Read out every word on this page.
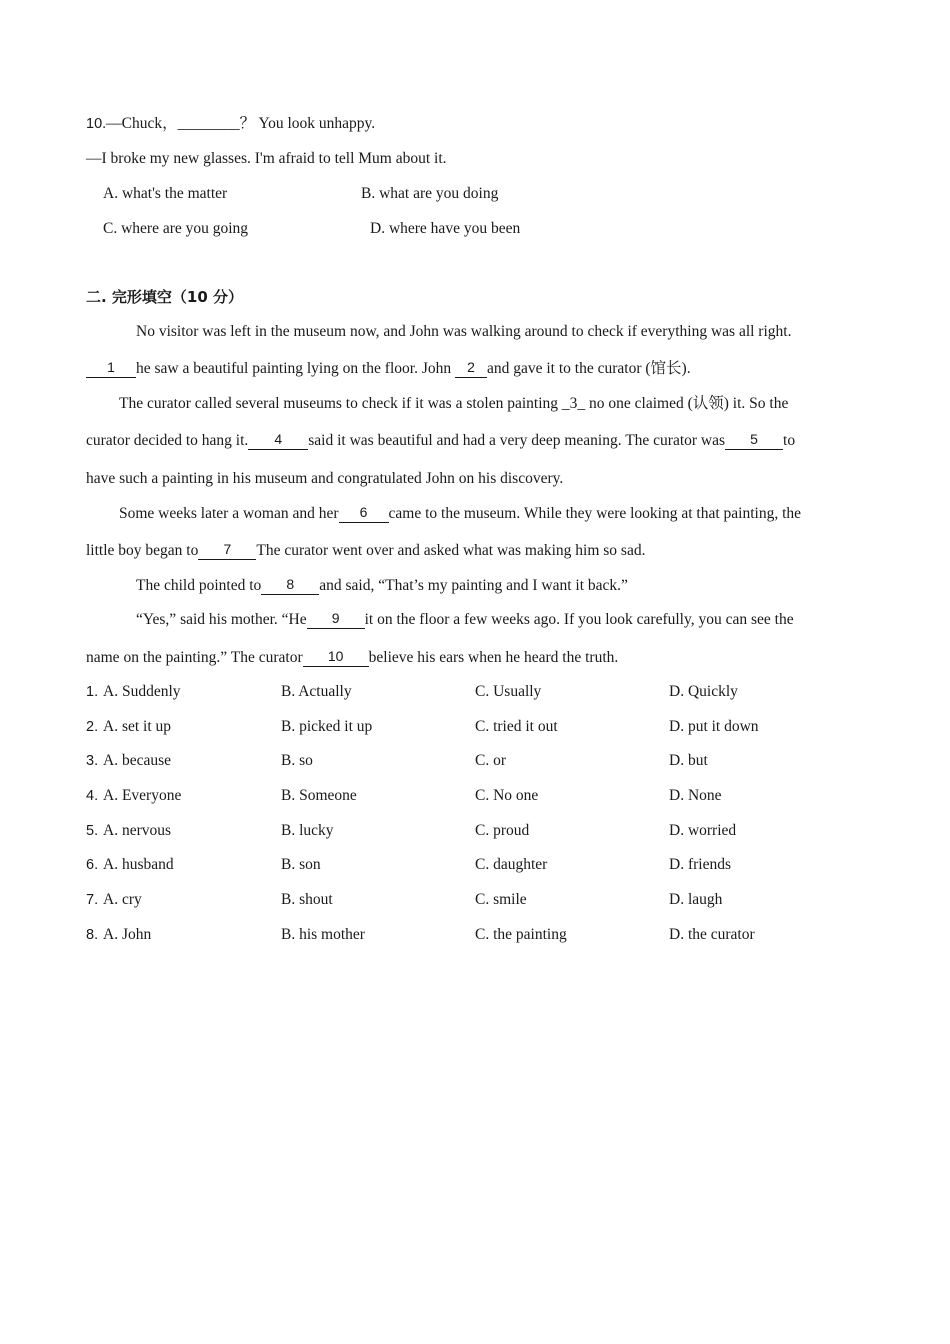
10.—Chuck，________？ You look unhappy.
—I broke my new glasses. I'm afraid to tell Mum about it.
A. what's the matter	B. what are you doing
C. where are you going	D. where have you been
二. 完形填空（10 分）
No visitor was left in the museum now, and John was walking around to check if everything was all right.
1 he saw a beautiful painting lying on the floor. John 2 and gave it to the curator (馆长).
The curator called several museums to check if it was a stolen painting _3_ no one claimed (认领) it. So the
curator decided to hang it. 4 said it was beautiful and had a very deep meaning. The curator was 5 to
have such a painting in his museum and congratulated John on his discovery.
Some weeks later a woman and her 6 came to the museum. While they were looking at that painting, the
little boy began to 7 The curator went over and asked what was making him so sad.
The child pointed to 8 and said, “That’s my painting and I want it back.”
“Yes,” said his mother. “He 9 it on the floor a few weeks ago. If you look carefully, you can see the
name on the painting.” The curator 10 believe his ears when he heard the truth.
1. A. Suddenly	B. Actually	C. Usually	D. Quickly
2. A. set it up	B. picked it up	C. tried it out	D. put it down
3. A. because	B. so	C. or	D. but
4. A. Everyone	B. Someone	C. No one	D. None
5. A. nervous	B. lucky	C. proud	D. worried
6. A. husband	B. son	C. daughter	D. friends
7. A. cry	B. shout	C. smile	D. laugh
8. A. John	B. his mother	C. the painting	D. the curator
